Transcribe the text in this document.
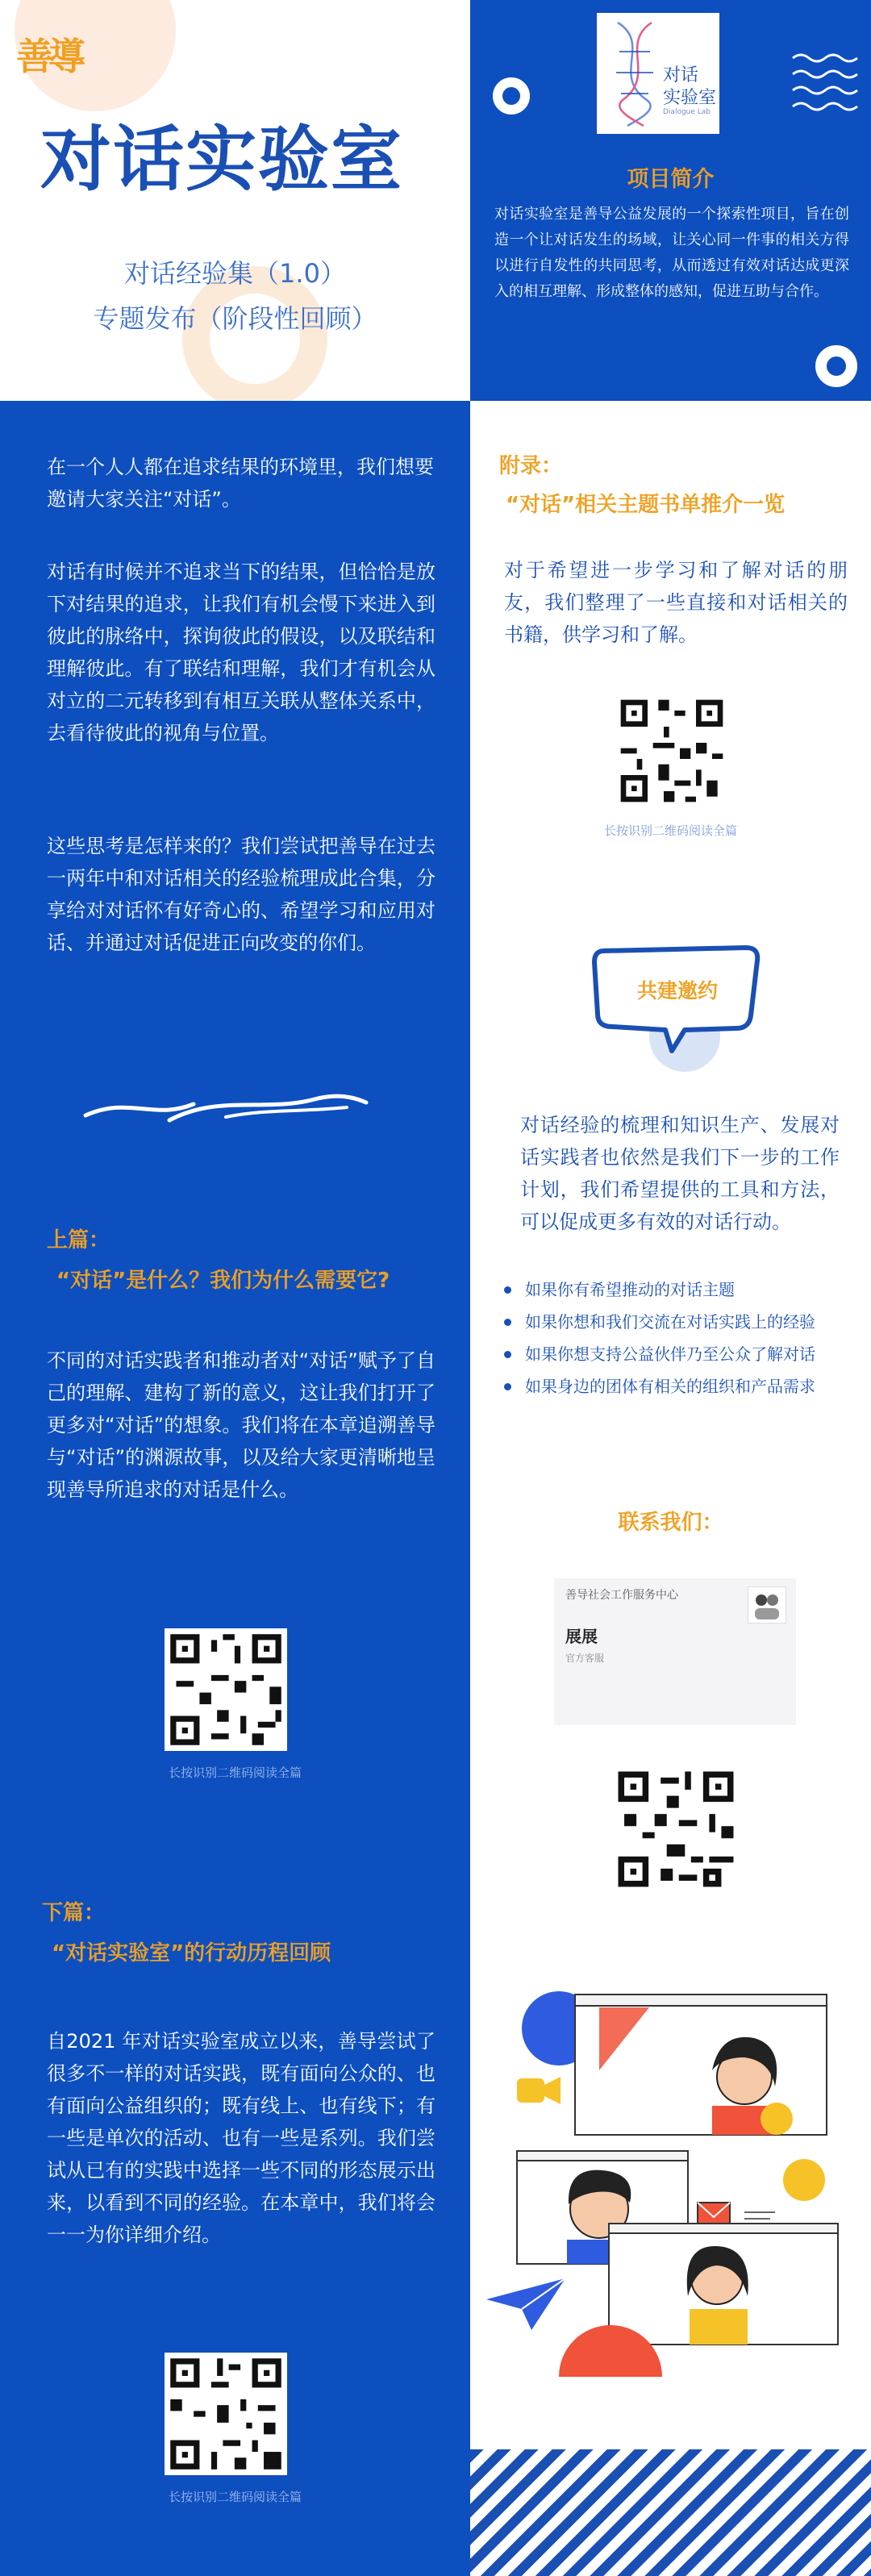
善導
对话实验室
对话经验集（1.0）
专题发布（阶段性回顾）
对话
实验室
Dialogue Lab
项目简介
对话实验室是善导公益发展的一个探索性项目，旨在创造一个让对话发生的场域，让关心同一件事的相关方得以进行自发性的共同思考，从而透过有效对话达成更深入的相互理解、形成整体的感知，促进互助与合作。
在一个人人都在追求结果的环境里，我们想要邀请大家关注“对话”。
对话有时候并不追求当下的结果，但恰恰是放下对结果的追求，让我们有机会慢下来进入到彼此的脉络中，探询彼此的假设，以及联结和理解彼此。有了联结和理解，我们才有机会从对立的二元转移到有相互关联从整体关系中，去看待彼此的视角与位置。
这些思考是怎样来的？我们尝试把善导在过去一两年中和对话相关的经验梳理成此合集，分享给对对话怀有好奇心的、希望学习和应用对话、并通过对话促进正向改变的你们。
上篇：
“对话”是什么？我们为什么需要它?
不同的对话实践者和推动者对“对话”赋予了自己的理解、建构了新的意义，这让我们打开了更多对“对话”的想象。我们将在本章追溯善导与“对话”的渊源故事，以及给大家更清晰地呈现善导所追求的对话是什么。
长按识别二维码阅读全篇
下篇：
“对话实验室”的行动历程回顾
自2021 年对话实验室成立以来，善导尝试了很多不一样的对话实践，既有面向公众的、也有面向公益组织的；既有线上、也有线下；有一些是单次的活动、也有一些是系列。我们尝试从已有的实践中选择一些不同的形态展示出来，以看到不同的经验。在本章中，我们将会一一为你详细介绍。
长按识别二维码阅读全篇
附录：
“对话”相关主题书单推介一览
对于希望进一步学习和了解对话的朋友，我们整理了一些直接和对话相关的书籍，供学习和了解。
长按识别二维码阅读全篇
共建邀约
对话经验的梳理和知识生产、发展对话实践者也依然是我们下一步的工作计划，我们希望提供的工具和方法，可以促成更多有效的对话行动。
如果你有希望推动的对话主题
如果你想和我们交流在对话实践上的经验
如果你想支持公益伙伴乃至公众了解对话
如果身边的团体有相关的组织和产品需求
联系我们：
善导社会工作服务中心
展展
官方客服
